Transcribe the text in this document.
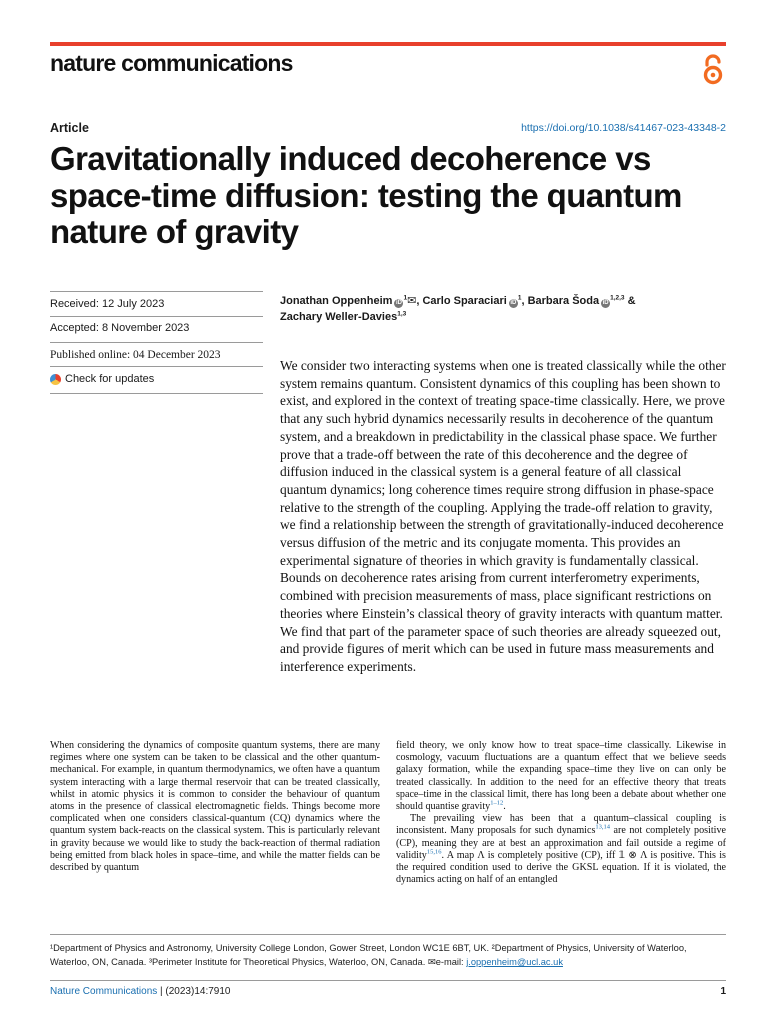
nature communications
Article	https://doi.org/10.1038/s41467-023-43348-2
Gravitationally induced decoherence vs space-time diffusion: testing the quantum nature of gravity
Received: 12 July 2023
Accepted: 8 November 2023
Published online: 04 December 2023
Check for updates
Jonathan Oppenheim $iD^1✉$, Carlo Sparaciari $iD^1$, Barbara Šoda iD$^{1,2,3}$ &
Zachary Weller-Davies$^{1,3}$

We consider two interacting systems when one is treated classically while the other system remains quantum. Consistent dynamics of this coupling has been shown to exist, and explored in the context of treating space-time classically. Here, we prove that any such hybrid dynamics necessarily results in decoherence of the quantum system, and a breakdown in predictability in the classical phase space. We further prove that a trade-off between the rate of this decoherence and the degree of diffusion induced in the classical system is a general feature of all classical quantum dynamics; long coherence times require strong diffusion in phase-space relative to the strength of the coupling. Applying the trade-off relation to gravity, we find a relationship between the strength of gravitationally-induced decoherence versus diffusion of the metric and its conjugate momenta. This provides an experimental signature of theories in which gravity is fundamentally classical. Bounds on decoherence rates arising from current interferometry experiments, combined with precision measurements of mass, place significant restrictions on theories where Einstein’s classical theory of gravity interacts with quantum matter. We find that part of the parameter space of such theories are already squeezed out, and provide figures of merit which can be used in future mass measurements and interference experiments.

When considering the dynamics of composite quantum systems, there are many regimes where one system can be taken to be classical and the other quantum-mechanical. For example, in quantum thermodynamics, we often have a quantum system interacting with a large thermal reservoir that can be treated classically, whilst in atomic physics it is common to consider the behaviour of quantum atoms in the presence of classical electromagnetic fields. Things become more complicated when one considers classical-quantum (CQ) dynamics where the quantum system back-reacts on the classical system. This is particularly relevant in gravity because we would like to study the back-reaction of thermal radiation being emitted from black holes in space–time, and while the matter fields can be described by quantum

field theory, we only know how to treat space–time classically. Likewise in cosmology, vacuum fluctuations are a quantum effect that we believe seeds galaxy formation, while the expanding space–time they live on can only be treated classically. In addition to the need for an effective theory that treats space–time in the classical limit, there has long been a debate about whether one should quantise gravity$^{1-12}$.

The prevailing view has been that a quantum–classical coupling is inconsistent. Many proposals for such dynamics$^{13,14}$ are not completely positive (CP), meaning they are at best an approximation and fail outside a regime of validity$^{15,16}$. A map Λ is completely positive (CP), iff 𝟙 ⊗ Λ is positive. This is the required condition used to derive the GKSL equation. If it is violated, the dynamics acting on half of an entangled

¹Department of Physics and Astronomy, University College London, Gower Street, London WC1E 6BT, UK. ²Department of Physics, University of Waterloo, Waterloo, ON, Canada. ³Perimeter Institute for Theoretical Physics, Waterloo, ON, Canada. ✉e-mail: j.oppenheim@ucl.ac.uk
Nature Communications | (2023)14:7910	1
